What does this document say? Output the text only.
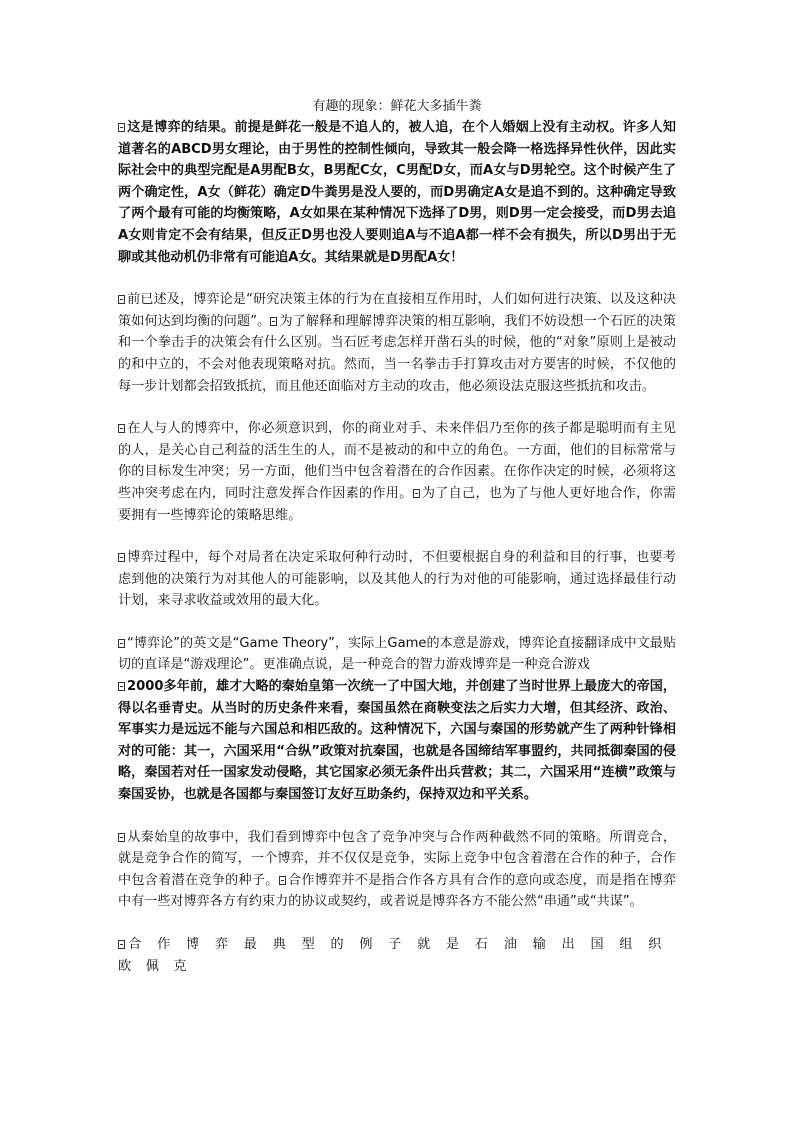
有趣的现象：鲜花大多插牛粪

这是博弈的结果。前提是鲜花一般是不追人的，被人追，在个人婚姻上没有主动权。许多人知道著名的ABCD男女理论，由于男性的控制性倾向，导致其一般会降一格选择异性伙伴，因此实际社会中的典型完配是A男配B女，B男配C女，C男配D女，而A女与D男轮空。这个时候产生了两个确定性，A女（鲜花）确定D牛粪男是没人要的，而D男确定A女是追不到的。这种确定导致了两个最有可能的均衡策略，A女如果在某种情况下选择了D男，则D男一定会接受，而D男去追A女则肯定不会有结果，但反正D男也没人要则追A与不追A都一样不会有损失，所以D男出于无聊或其他动机仍非常有可能追A女。其结果就是D男配A女！

前已述及，博弈论是“研究决策主体的行为在直接相互作用时，人们如何进行决策、以及这种决策如何达到均衡的问题”。 为了解释和理解博弈决策的相互影响，我们不妨设想一个石匠的决策和一个拳击手的决策会有什么区别。当石匠考虑怎样开凿石头的时候，他的“对象”原则上是被动的和中立的，不会对他表现策略对抗。然而，当一名拳击手打算攻击对方要害的时候，不仅他的每一步计划都会招致抵抗，而且他还面临对方主动的攻击，他必须设法克服这些抵抗和攻击。

在人与人的博弈中，你必须意识到，你的商业对手、未来伴侣乃至你的孩子都是聪明而有主见的人，是关心自己利益的活生生的人，而不是被动的和中立的角色。一方面，他们的目标常常与你的目标发生冲突；另一方面，他们当中包含着潜在的合作因素。在你作决定的时候，必须将这些冲突考虑在内，同时注意发挥合作因素的作用。 为了自己，也为了与他人更好地合作，你需要拥有一些博弈论的策略思维。

博弈过程中，每个对局者在决定采取何种行动时，不但要根据自身的利益和目的行事，也要考虑到他的决策行为对其他人的可能影响，以及其他人的行为对他的可能影响，通过选择最佳行动计划，来寻求收益或效用的最大化。

“博弈论”的英文是“Game Theory”，实际上Game的本意是游戏，博弈论直接翻译成中文最贴切的直译是“游戏理论”。更准确点说，是一种竞合的智力游戏博弈是一种竞合游戏

2000多年前，雄才大略的秦始皇第一次统一了中国大地，并创建了当时世界上最庞大的帝国，得以名垂青史。从当时的历史条件来看，秦国虽然在商鞅变法之后实力大增，但其经济、政治、军事实力是远远不能与六国总和相匹敌的。这种情况下，六国与秦国的形势就产生了两种针锋相对的可能：其一，六国采用“合纵”政策对抗秦国，也就是各国缔结军事盟约，共同抵御秦国的侵略，秦国若对任一国家发动侵略，其它国家必须无条件出兵营救；其二，六国采用“连横”政策与秦国妥协，也就是各国都与秦国签订友好互助条约，保持双边和平关系。

从秦始皇的故事中，我们看到博弈中包含了竞争冲突与合作两种截然不同的策略。所谓竞合，就是竞争合作的简写，一个博弈，并不仅仅是竞争，实际上竞争中包含着潜在合作的种子，合作中包含着潜在竞争的种子。 合作博弈并不是指合作各方具有合作的意向或态度，而是指在博弈中有一些对博弈各方有约束力的协议或契约，或者说是博弈各方不能公然“串通”或“共谋”。

合作博弈最典型的例子就是石油输出国组织欧佩克
